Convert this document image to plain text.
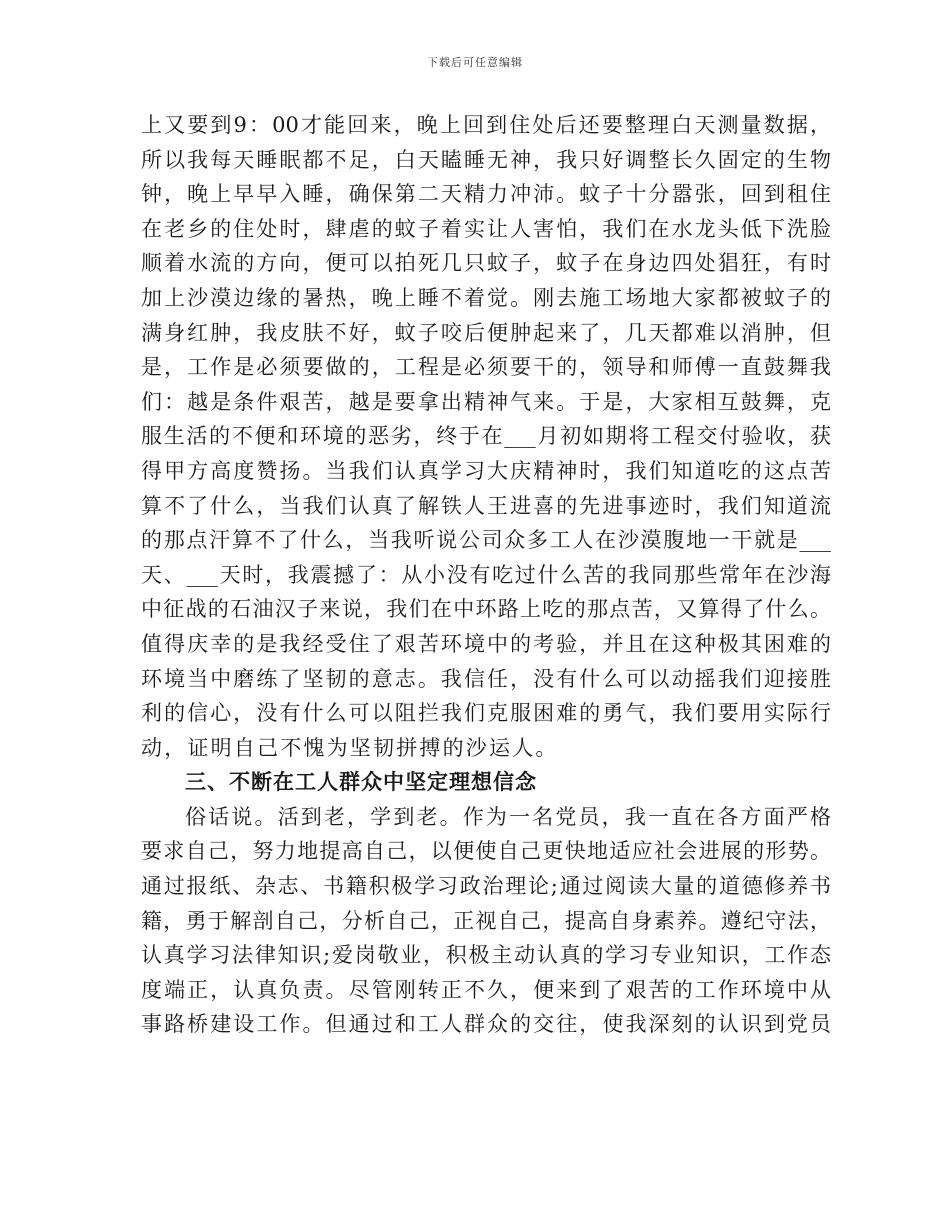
下载后可任意编辑
上又要到9：00才能回来，晚上回到住处后还要整理白天测量数据，
所以我每天睡眠都不足，白天瞌睡无神，我只好调整长久固定的生物
钟，晚上早早入睡，确保第二天精力冲沛。蚊子十分嚣张，回到租住
在老乡的住处时，肆虐的蚊子着实让人害怕，我们在水龙头低下洗脸
顺着水流的方向，便可以拍死几只蚊子，蚊子在身边四处猖狂，有时
加上沙漠边缘的暑热，晚上睡不着觉。刚去施工场地大家都被蚊子的
满身红肿，我皮肤不好，蚊子咬后便肿起来了，几天都难以消肿，但
是，工作是必须要做的，工程是必须要干的，领导和师傅一直鼓舞我
们：越是条件艰苦，越是要拿出精神气来。于是，大家相互鼓舞，克
服生活的不便和环境的恶劣，终于在___月初如期将工程交付验收，获
得甲方高度赞扬。当我们认真学习大庆精神时，我们知道吃的这点苦
算不了什么，当我们认真了解铁人王进喜的先进事迹时，我们知道流
的那点汗算不了什么，当我听说公司众多工人在沙漠腹地一干就是___
天、___天时，我震撼了：从小没有吃过什么苦的我同那些常年在沙海
中征战的石油汉子来说，我们在中环路上吃的那点苦，又算得了什么。
值得庆幸的是我经受住了艰苦环境中的考验，并且在这种极其困难的
环境当中磨练了坚韧的意志。我信任，没有什么可以动摇我们迎接胜
利的信心，没有什么可以阻拦我们克服困难的勇气，我们要用实际行
动，证明自己不愧为坚韧拼搏的沙运人。
三、不断在工人群众中坚定理想信念
俗话说。活到老，学到老。作为一名党员，我一直在各方面严格
要求自己，努力地提高自己，以便使自己更快地适应社会进展的形势。
通过报纸、杂志、书籍积极学习政治理论;通过阅读大量的道德修养书
籍，勇于解剖自己，分析自己，正视自己，提高自身素养。遵纪守法，
认真学习法律知识;爱岗敬业，积极主动认真的学习专业知识，工作态
度端正，认真负责。尽管刚转正不久，便来到了艰苦的工作环境中从
事路桥建设工作。但通过和工人群众的交往，使我深刻的认识到党员
